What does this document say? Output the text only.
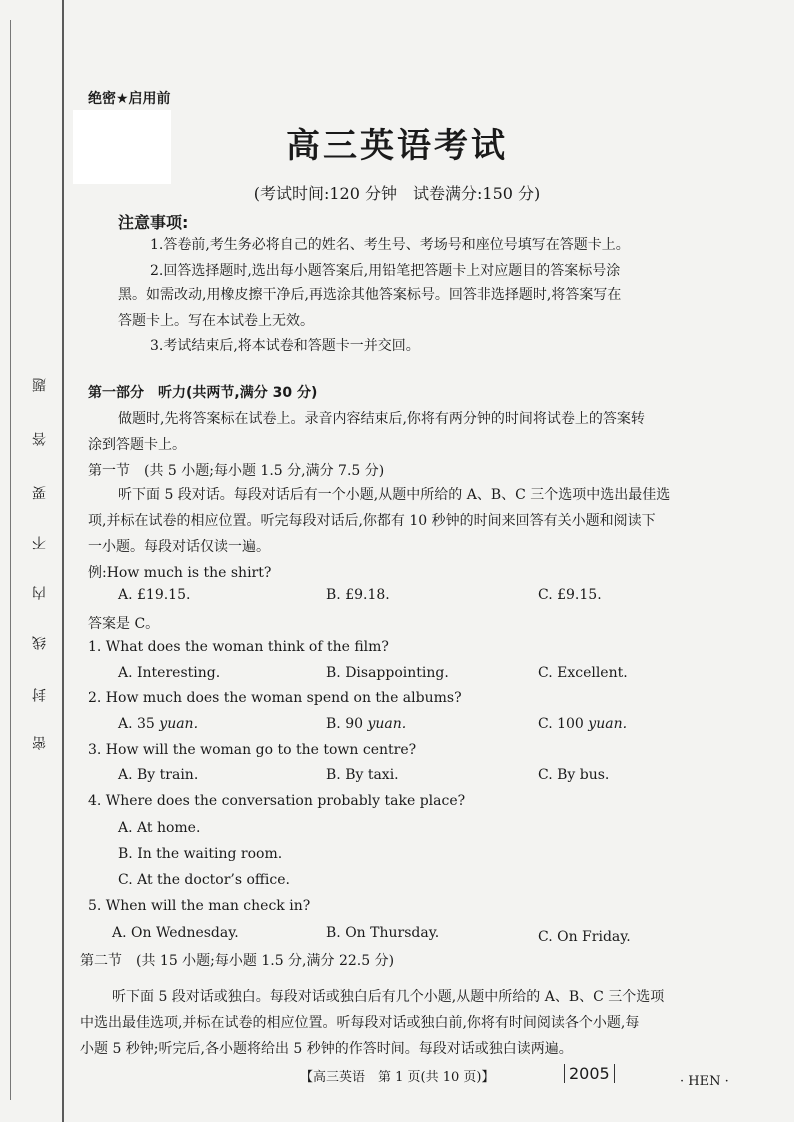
题
答
要
不
内
线
封
密
绝密★启用前
高三英语考试
(考试时间:120 分钟　试卷满分:150 分)
注意事项:
1.答卷前,考生务必将自己的姓名、考生号、考场号和座位号填写在答题卡上。
2.回答选择题时,选出每小题答案后,用铅笔把答题卡上对应题目的答案标号涂
黑。如需改动,用橡皮擦干净后,再选涂其他答案标号。回答非选择题时,将答案写在
答题卡上。写在本试卷上无效。
3.考试结束后,将本试卷和答题卡一并交回。
第一部分　听力(共两节,满分 30 分)
做题时,先将答案标在试卷上。录音内容结束后,你将有两分钟的时间将试卷上的答案转
涂到答题卡上。
第一节　(共 5 小题;每小题 1.5 分,满分 7.5 分)
听下面 5 段对话。每段对话后有一个小题,从题中所给的 A、B、C 三个选项中选出最佳选
项,并标在试卷的相应位置。听完每段对话后,你都有 10 秒钟的时间来回答有关小题和阅读下
一小题。每段对话仅读一遍。
例:How much is the shirt?
A. £19.15.	B. £9.18.	C. £9.15.
答案是 C。
1. What does the woman think of the film?
A. Interesting.	B. Disappointing.	C. Excellent.
2. How much does the woman spend on the albums?
A. 35 yuan.	B. 90 yuan.	C. 100 yuan.
3. How will the woman go to the town centre?
A. By train.	B. By taxi.	C. By bus.
4. Where does the conversation probably take place?
A. At home.
B. In the waiting room.
C. At the doctor’s office.
5. When will the man check in?
A. On Wednesday.	B. On Thursday.	C. On Friday.
第二节　(共 15 小题;每小题 1.5 分,满分 22.5 分)
听下面 5 段对话或独白。每段对话或独白后有几个小题,从题中所给的 A、B、C 三个选项
中选出最佳选项,并标在试卷的相应位置。听每段对话或独白前,你将有时间阅读各个小题,每
小题 5 秒钟;听完后,各小题将给出 5 秒钟的作答时间。每段对话或独白读两遍。
【高三英语　第 1 页(共 10 页)】	2005	· HEN ·
